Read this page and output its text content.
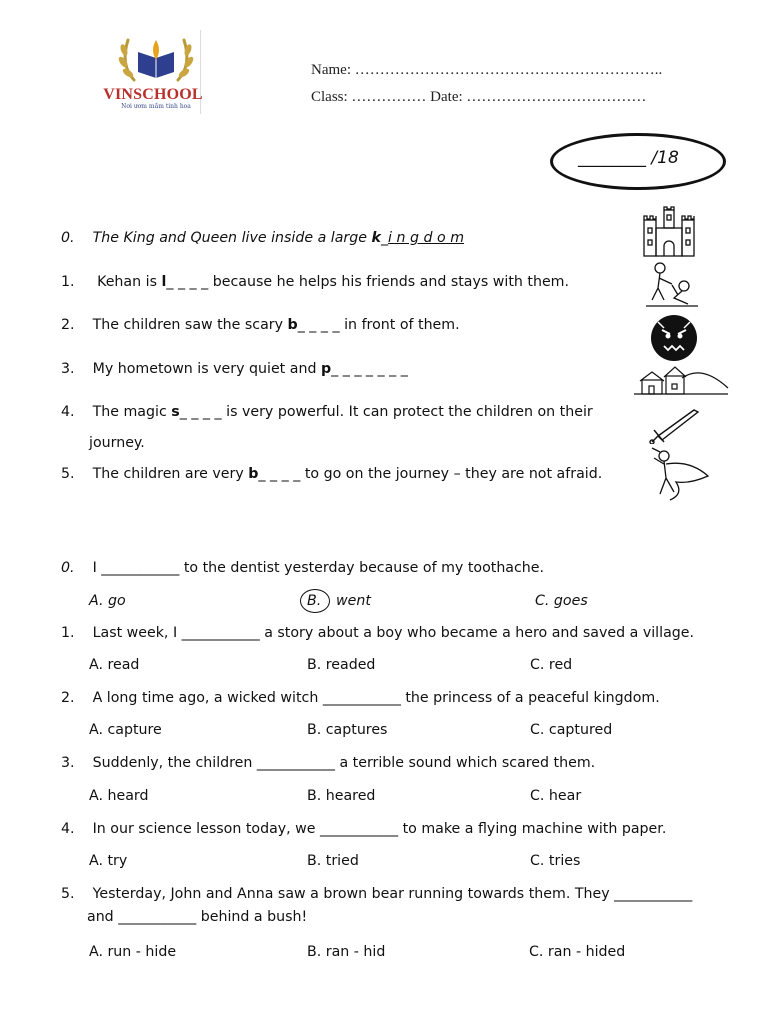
VINSCHOOL
Nơi ươm mầm tinh hoa
Name: ……………………………………………………..
Class: …………… Date: ………………………………
________ /18
0. The King and Queen live inside a large k_i n g d o m
1. Kehan is l_ _ _ _ because he helps his friends and stays with them.
2. The children saw the scary b_ _ _ _ in front of them.
3. My hometown is very quiet and p_ _ _ _ _ _ _
4. The magic s_ _ _ _ is very powerful. It can protect the children on their
journey.
5. The children are very b_ _ _ _ to go on the journey – they are not afraid.
0. I ___________ to the dentist yesterday because of my toothache.
A. go	B. went	C. goes
1. Last week, I ___________ a story about a boy who became a hero and saved a village.
A. read	B. readed	C. red
2. A long time ago, a wicked witch ___________ the princess of a peaceful kingdom.
A. capture	B. captures	C. captured
3. Suddenly, the children ___________ a terrible sound which scared them.
A. heard	B. heared	C. hear
4. In our science lesson today, we ___________ to make a flying machine with paper.
A. try	B. tried	C. tries
5. Yesterday, John and Anna saw a brown bear running towards them. They ___________
and ___________ behind a bush!
A. run - hide	B. ran - hid	C. ran - hided
